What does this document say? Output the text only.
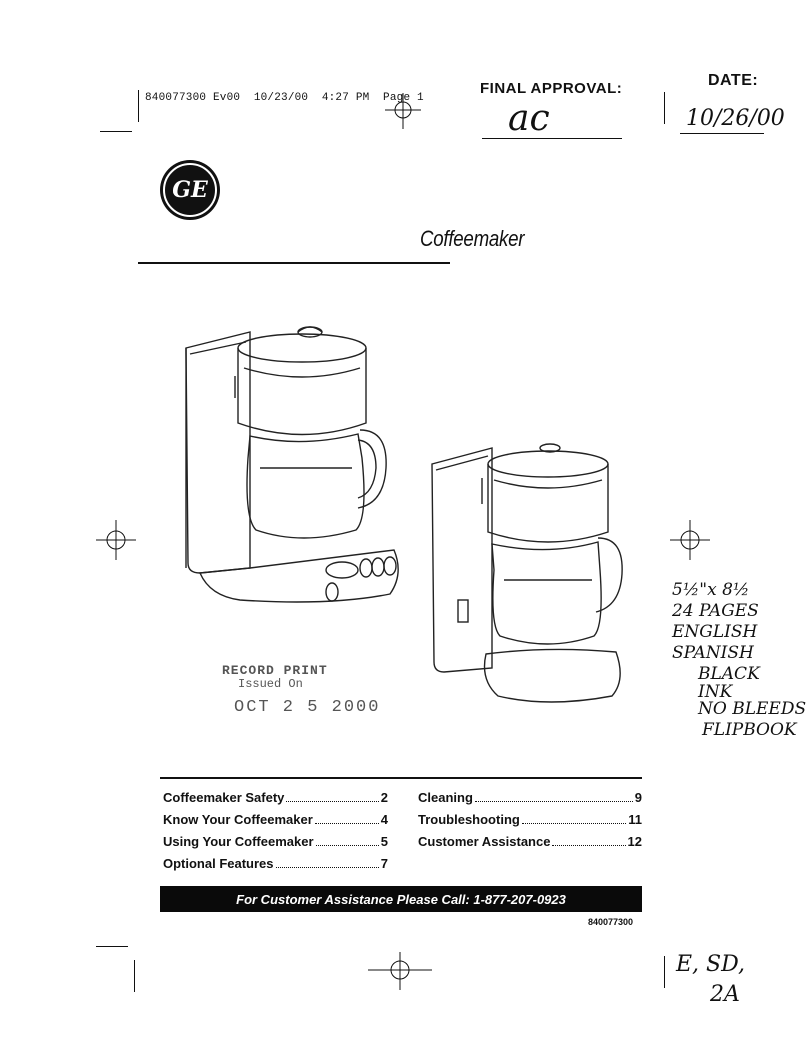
840077300 Ev00  10/23/00  4:27 PM  Page 1
FINAL APPROVAL:	DATE:
ac	10/26/00
GE
Coffeemaker
RECORD PRINT
Issued On
OCT 2 5 2000
5½"x 8½
24 PAGES
ENGLISH
SPANISH
BLACK
INK
NO BLEEDS
FLIPBOOK
Coffeemaker Safety	2
Know Your Coffeemaker	4
Using Your Coffeemaker	5
Optional Features	7
Cleaning	9
Troubleshooting	11
Customer Assistance	12
For Customer Assistance Please Call: 1-877-207-0923
840077300
E, SD,
2A
